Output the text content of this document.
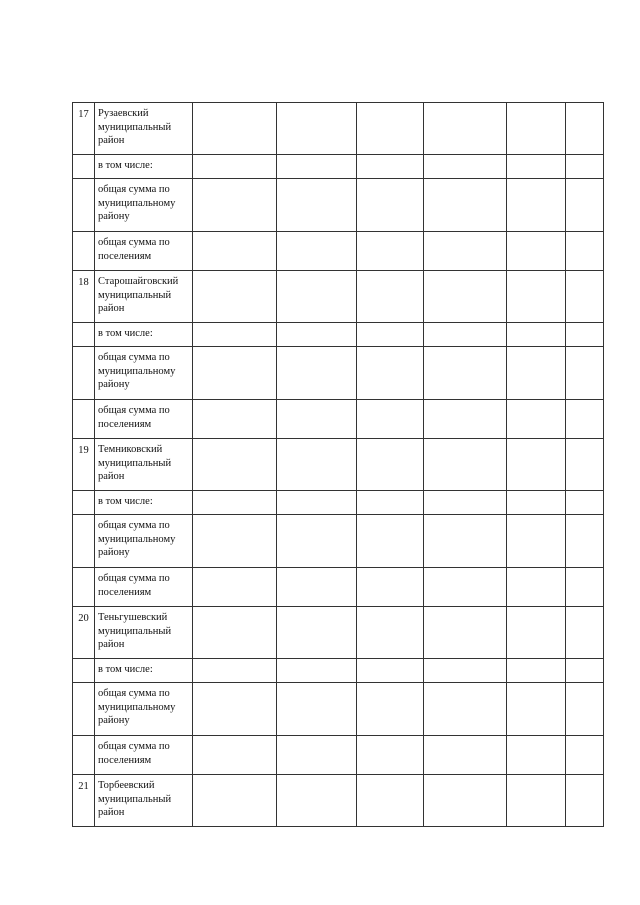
17	Рузаевский муниципальный район						
	в том числе:						
	общая сумма по муниципальному району						
	общая сумма по поселениям						
18	Старошайговский муниципальный район						
	в том числе:						
	общая сумма по муниципальному району						
	общая сумма по поселениям						
19	Темниковский муниципальный район						
	в том числе:						
	общая сумма по муниципальному району						
	общая сумма по поселениям						
20	Теньгушевский муниципальный район						
	в том числе:						
	общая сумма по муниципальному району						
	общая сумма по поселениям						
21	Торбеевский муниципальный район						
